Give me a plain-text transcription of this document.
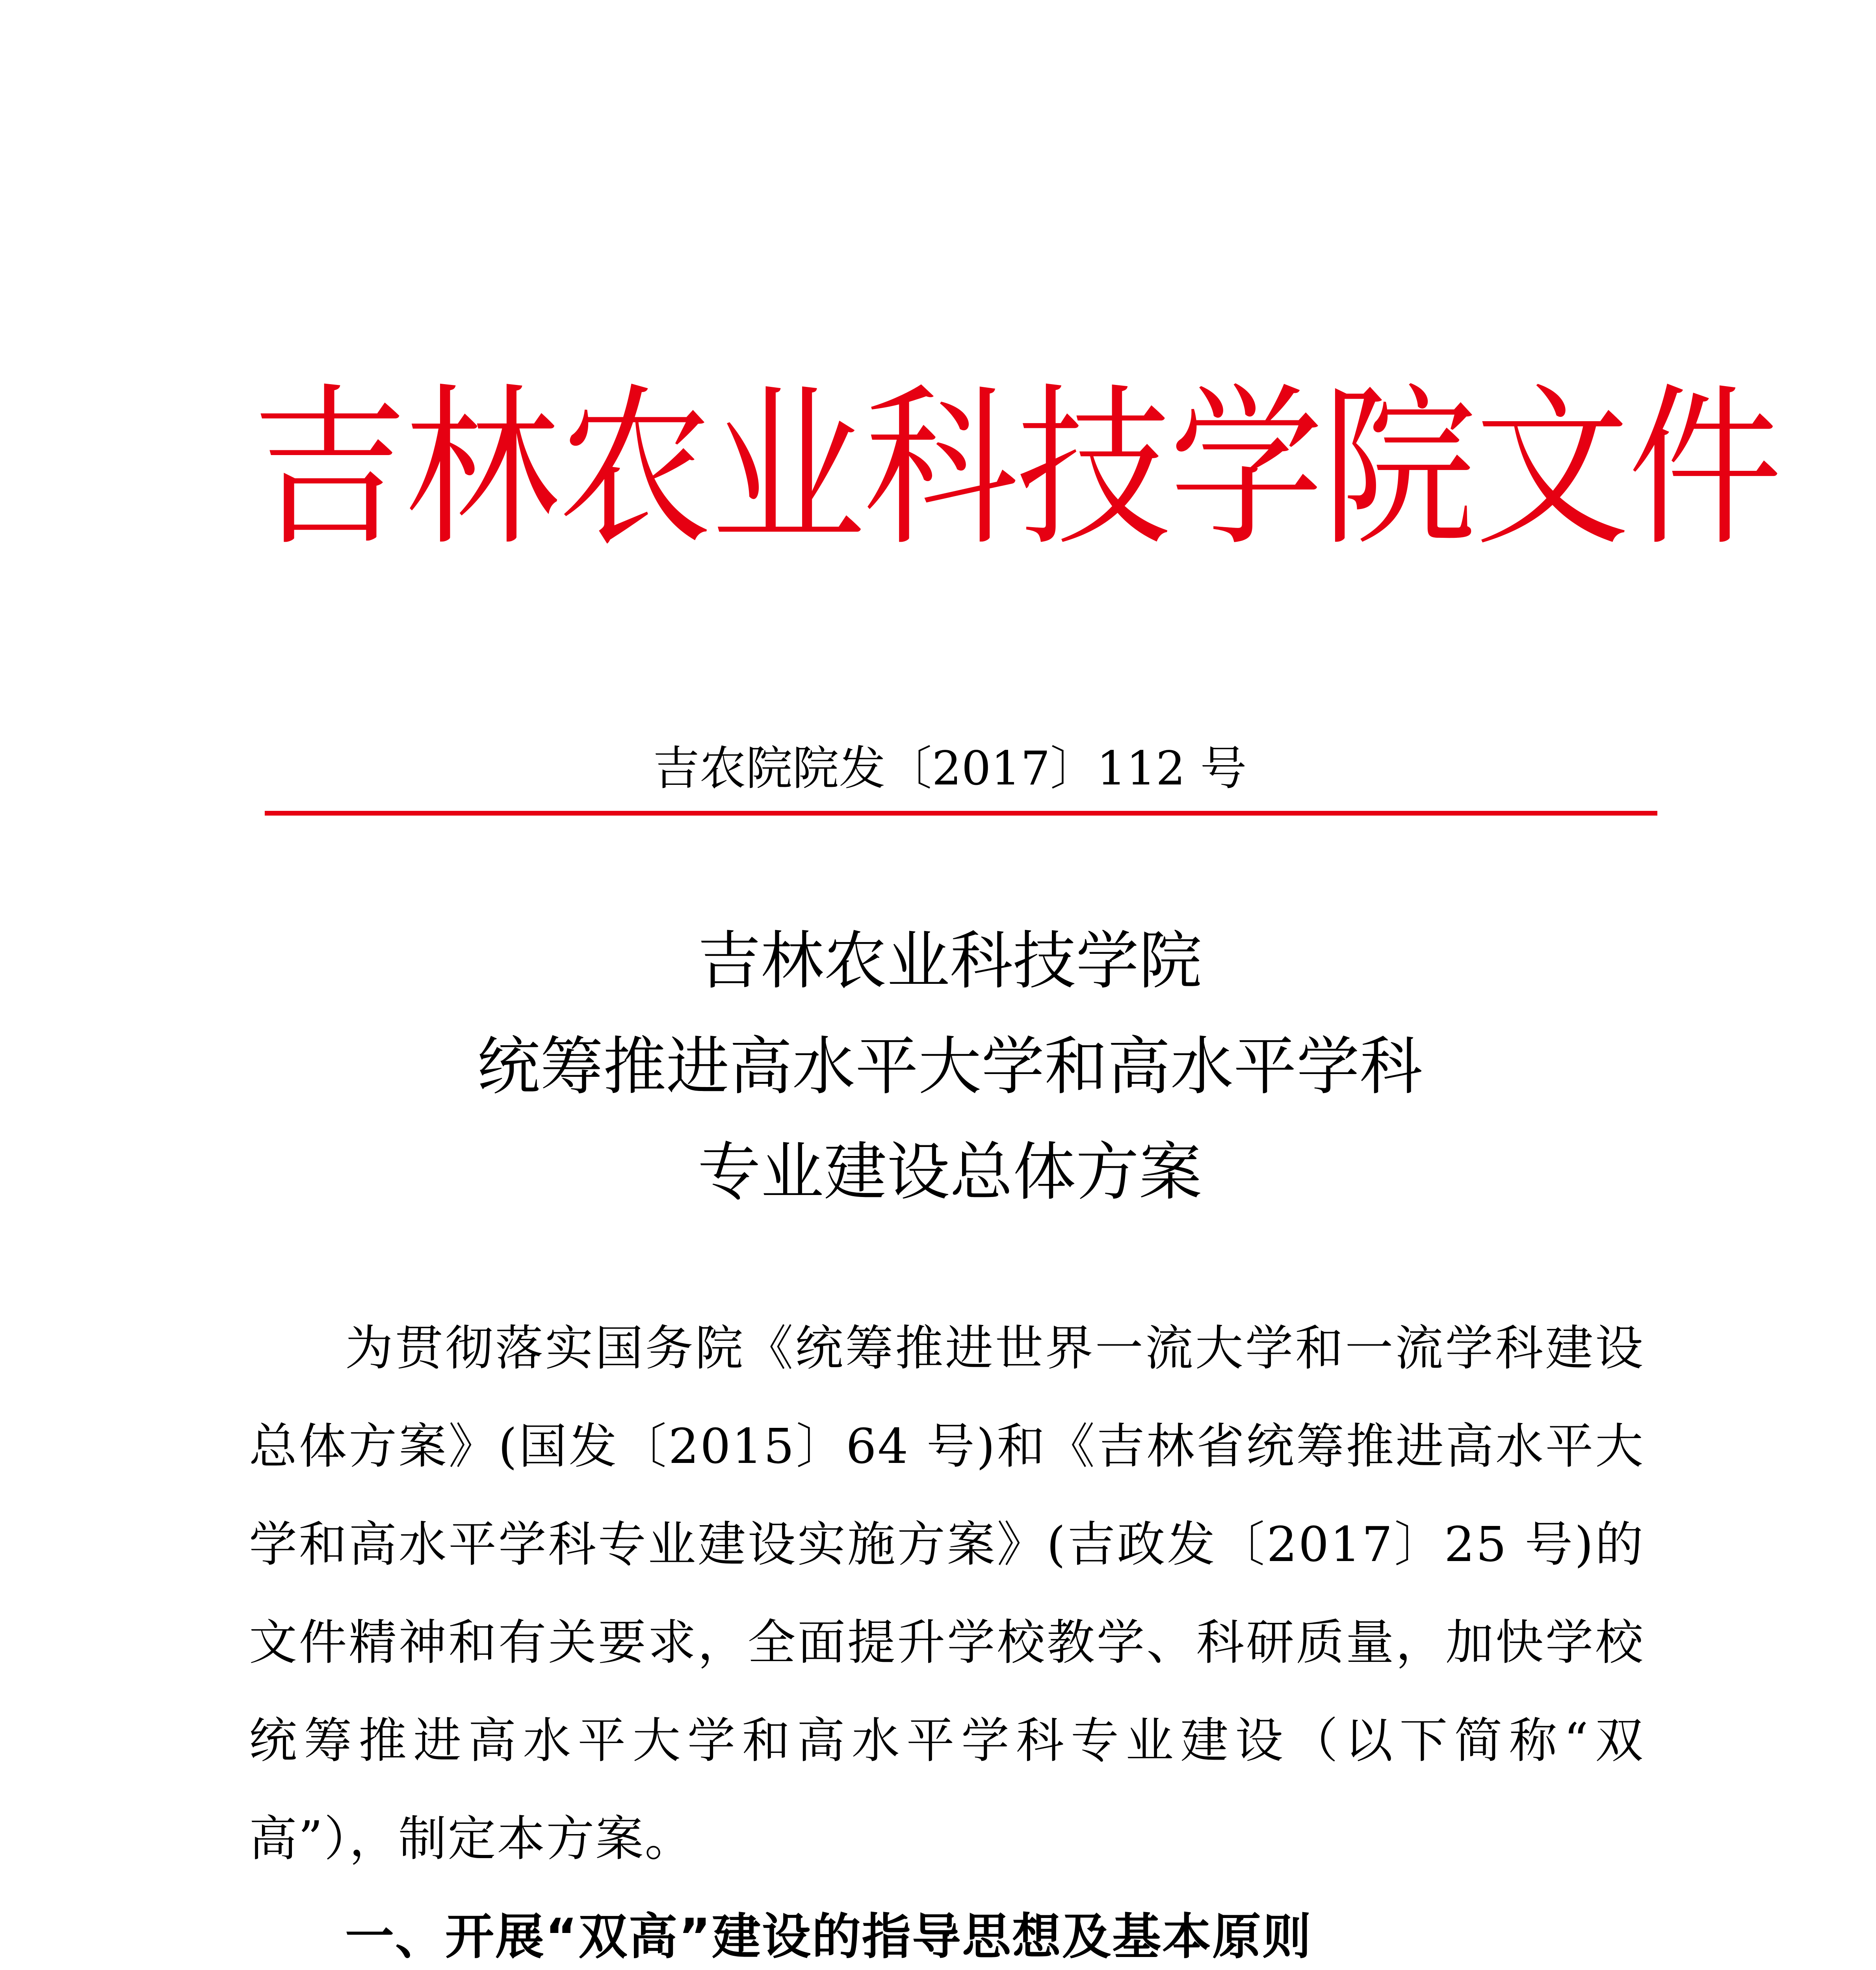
吉林农业科技学院文件
吉农院院发〔2017〕112 号
吉林农业科技学院
统筹推进高水平大学和高水平学科
专业建设总体方案

为贯彻落实国务院《统筹推进世界一流大学和一流学科建设总体方案》(国发〔2015〕64 号)和《吉林省统筹推进高水平大学和高水平学科专业建设实施方案》(吉政发〔2017〕25 号)的文件精神和有关要求，全面提升学校教学、科研质量，加快学校统筹推进高水平大学和高水平学科专业建设（以下简称“双高”），制定本方案。

一、开展“双高”建设的指导思想及基本原则
